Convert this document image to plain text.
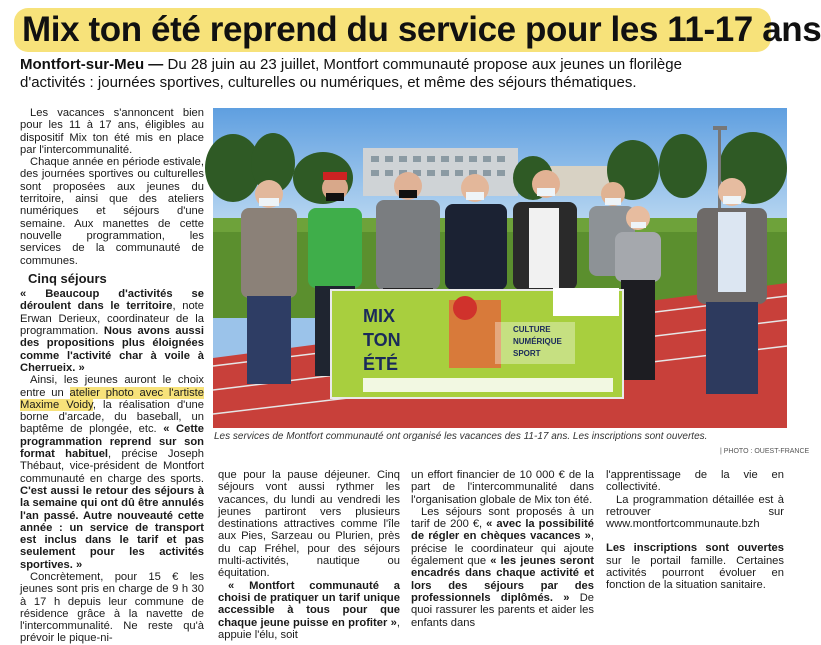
Mix ton été reprend du service pour les 11-17 ans
Montfort-sur-Meu — Du 28 juin au 23 juillet, Montfort communauté propose aux jeunes un florilège
d'activités : journées sportives, culturelles ou numériques, et même des séjours thématiques.

Les vacances s'annoncent bien pour les 11 à 17 ans, éligibles au dispositif Mix ton été mis en place par l'intercommunalité.

Chaque année en période estivale, des journées sportives ou culturelles sont proposées aux jeunes du territoire, ainsi que des ateliers numériques et séjours d'une semaine. Aux manettes de cette nouvelle programmation, les services de la communauté de communes.

Cinq séjours

« Beaucoup d'activités se déroulent dans le territoire, note Erwan Derieux, coordinateur de la programmation. Nous avons aussi des propositions plus éloignées comme l'activité char à voile à Cherrueix. »

Ainsi, les jeunes auront le choix entre un atelier photo avec l'artiste Maxime Voidy, la réalisation d'une borne d'arcade, du baseball, un baptême de plongée, etc. « Cette programmation reprend sur son format habituel, précise Joseph Thébaut, vice-président de Montfort communauté en charge des sports. C'est aussi le retour des séjours à la semaine qui ont dû être annulés l'an passé. Autre nouveauté cette année : un service de transport est inclus dans le tarif et pas seulement pour les activités sportives. »

Concrètement, pour 15 € les jeunes sont pris en charge de 9 h 30 à 17 h depuis leur commune de résidence grâce à la navette de l'intercommunalité. Ne reste qu'à prévoir le pique-ni-

MIX
TON
ÉTÉ
CULTURE
NUMÉRIQUE
SPORT
Les services de Montfort communauté ont organisé les vacances des 11-17 ans. Les inscriptions sont ouvertes.
| PHOTO : OUEST-FRANCE

que pour la pause déjeuner. Cinq séjours vont aussi rythmer les vacances, du lundi au vendredi les jeunes partiront vers plusieurs destinations attractives comme l'île aux Pies, Sarzeau ou Plurien, près du cap Fréhel, pour des séjours multi-activités, nautique ou équitation.

« Montfort communauté a choisi de pratiquer un tarif unique accessible à tous pour que chaque jeune puisse en profiter », appuie l'élu, soit

un effort financier de 10 000 € de la part de l'intercommunalité dans l'organisation globale de Mix ton été.

Les séjours sont proposés à un tarif de 200 €, « avec la possibilité de régler en chèques vacances », précise le coordinateur qui ajoute également que « les jeunes seront encadrés dans chaque activité et lors des séjours par des professionnels diplômés. » De quoi rassurer les parents et aider les enfants dans

l'apprentissage de la vie en collectivité.

La programmation détaillée est à retrouver sur www.montfortcommunaute.bzh

Les inscriptions sont ouvertes sur le portail famille. Certaines activités pourront évoluer en fonction de la situation sanitaire.
